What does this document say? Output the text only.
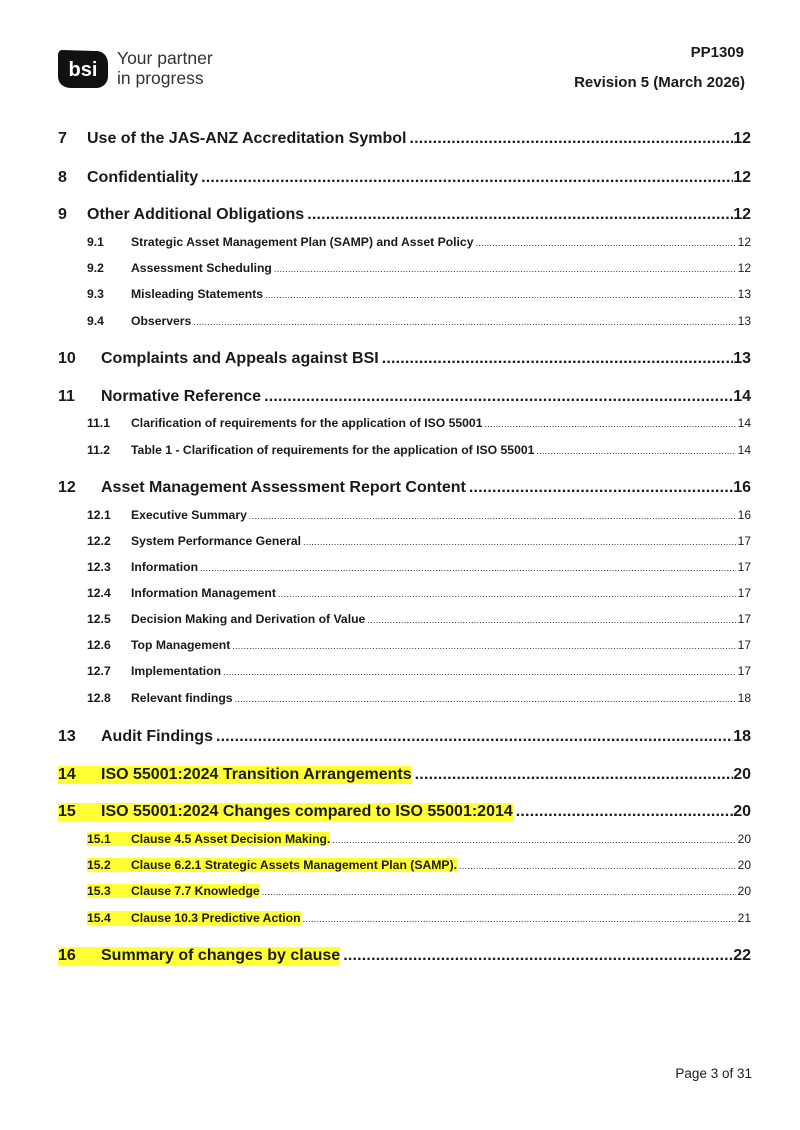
bsi
Your partner
in progress
PP1309
Revision 5 (March 2026)
7	Use of the JAS-ANZ Accreditation Symbol .....	12
8	Confidentiality .....	12
9	Other Additional Obligations .....	12
9.1	Strategic Asset Management Plan (SAMP) and Asset Policy .....	12
9.2	Assessment Scheduling .....	12
9.3	Misleading Statements .....	13
9.4	Observers .....	13
10	Complaints and Appeals against BSI .....	13
11	Normative Reference .....	14
11.1	Clarification of requirements for the application of ISO 55001 .....	14
11.2	Table 1 - Clarification of requirements for the application of ISO 55001 .....	14
12	Asset Management Assessment Report Content .....	16
12.1	Executive Summary .....	16
12.2	System Performance General .....	17
12.3	Information .....	17
12.4	Information Management .....	17
12.5	Decision Making and Derivation of Value .....	17
12.6	Top Management .....	17
12.7	Implementation .....	17
12.8	Relevant findings .....	18
13	Audit Findings .....	18
14	ISO 55001:2024 Transition Arrangements .....	20
15	ISO 55001:2024 Changes compared to ISO 55001:2014 .....	20
15.1	Clause 4.5 Asset Decision Making. .....	20
15.2	Clause 6.2.1 Strategic Assets Management Plan (SAMP). .....	20
15.3	Clause 7.7 Knowledge .....	20
15.4	Clause 10.3 Predictive Action .....	21
16	Summary of changes by clause .....	22
Page 3 of 31
